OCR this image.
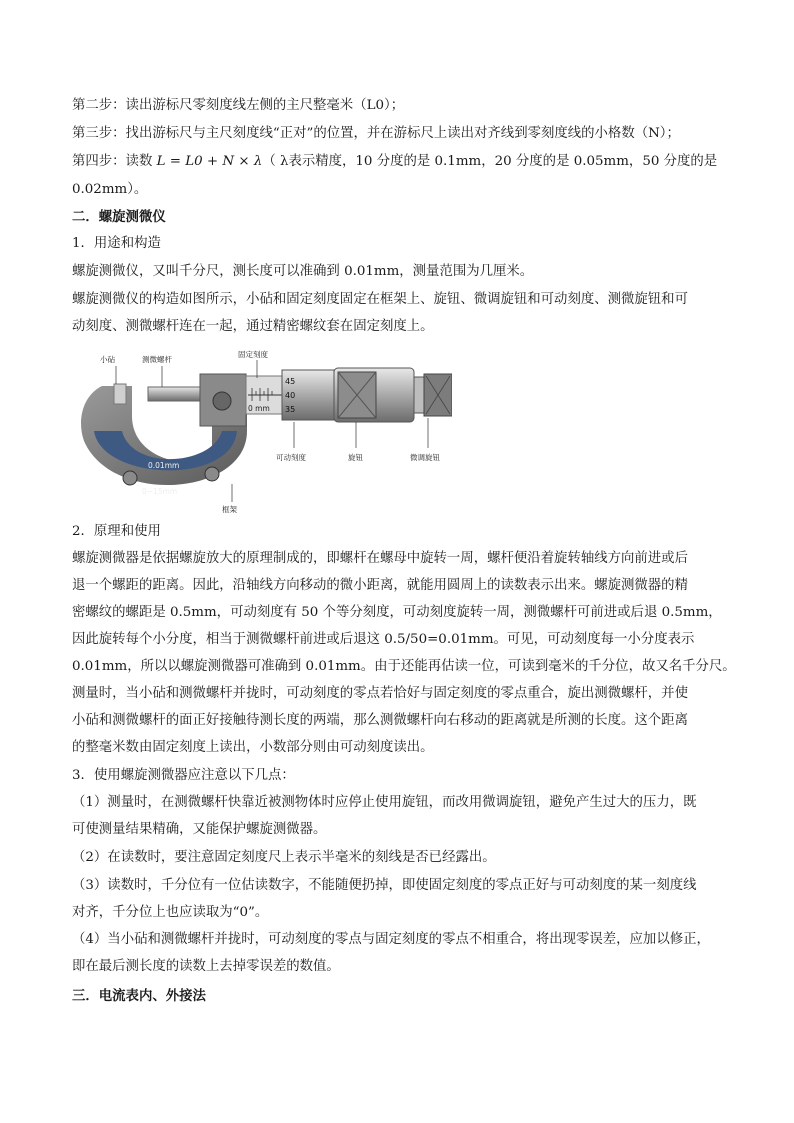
第二步：读出游标尺零刻度线左侧的主尺整毫米（L0）；
第三步：找出游标尺与主尺刻度线“正对”的位置，并在游标尺上读出对齐线到零刻度线的小格数（N）；
第四步：读数 L = L0 + N × λ（ λ表示精度，10 分度的是 0.1mm，20 分度的是 0.05mm，50 分度的是
0.02mm）。
二．螺旋测微仪
1．用途和构造
螺旋测微仪，又叫千分尺，测长度可以准确到 0.01mm，测量范围为几厘米。
螺旋测微仪的构造如图所示，小砧和固定刻度固定在框架上、旋钮、微调旋钮和可动刻度、测微旋钮和可
动刻度、测微螺杆连在一起，通过精密螺纹套在固定刻度上。
0 mm
45
40
35
0.01mm
0~15mm
小砧	测微螺杆
固定刻度
可动刻度	旋钮	微调旋钮
框架
2．原理和使用
螺旋测微器是依据螺旋放大的原理制成的，即螺杆在螺母中旋转一周，螺杆便沿着旋转轴线方向前进或后
退一个螺距的距离。因此，沿轴线方向移动的微小距离，就能用圆周上的读数表示出来。螺旋测微器的精
密螺纹的螺距是 0.5mm，可动刻度有 50 个等分刻度，可动刻度旋转一周，测微螺杆可前进或后退 0.5mm，
因此旋转每个小分度，相当于测微螺杆前进或后退这 0.5/50=0.01mm。可见，可动刻度每一小分度表示
0.01mm，所以以螺旋测微器可准确到 0.01mm。由于还能再估读一位，可读到毫米的千分位，故又名千分尺。
测量时，当小砧和测微螺杆并拢时，可动刻度的零点若恰好与固定刻度的零点重合，旋出测微螺杆，并使
小砧和测微螺杆的面正好接触待测长度的两端，那么测微螺杆向右移动的距离就是所测的长度。这个距离
的整毫米数由固定刻度上读出，小数部分则由可动刻度读出。
3．使用螺旋测微器应注意以下几点：
（1）测量时，在测微螺杆快靠近被测物体时应停止使用旋钮，而改用微调旋钮，避免产生过大的压力，既
可使测量结果精确，又能保护螺旋测微器。
（2）在读数时，要注意固定刻度尺上表示半毫米的刻线是否已经露出。
（3）读数时，千分位有一位估读数字，不能随便扔掉，即使固定刻度的零点正好与可动刻度的某一刻度线
对齐，千分位上也应读取为“0”。
（4）当小砧和测微螺杆并拢时，可动刻度的零点与固定刻度的零点不相重合，将出现零误差，应加以修正，
即在最后测长度的读数上去掉零误差的数值。
三．电流表内、外接法
